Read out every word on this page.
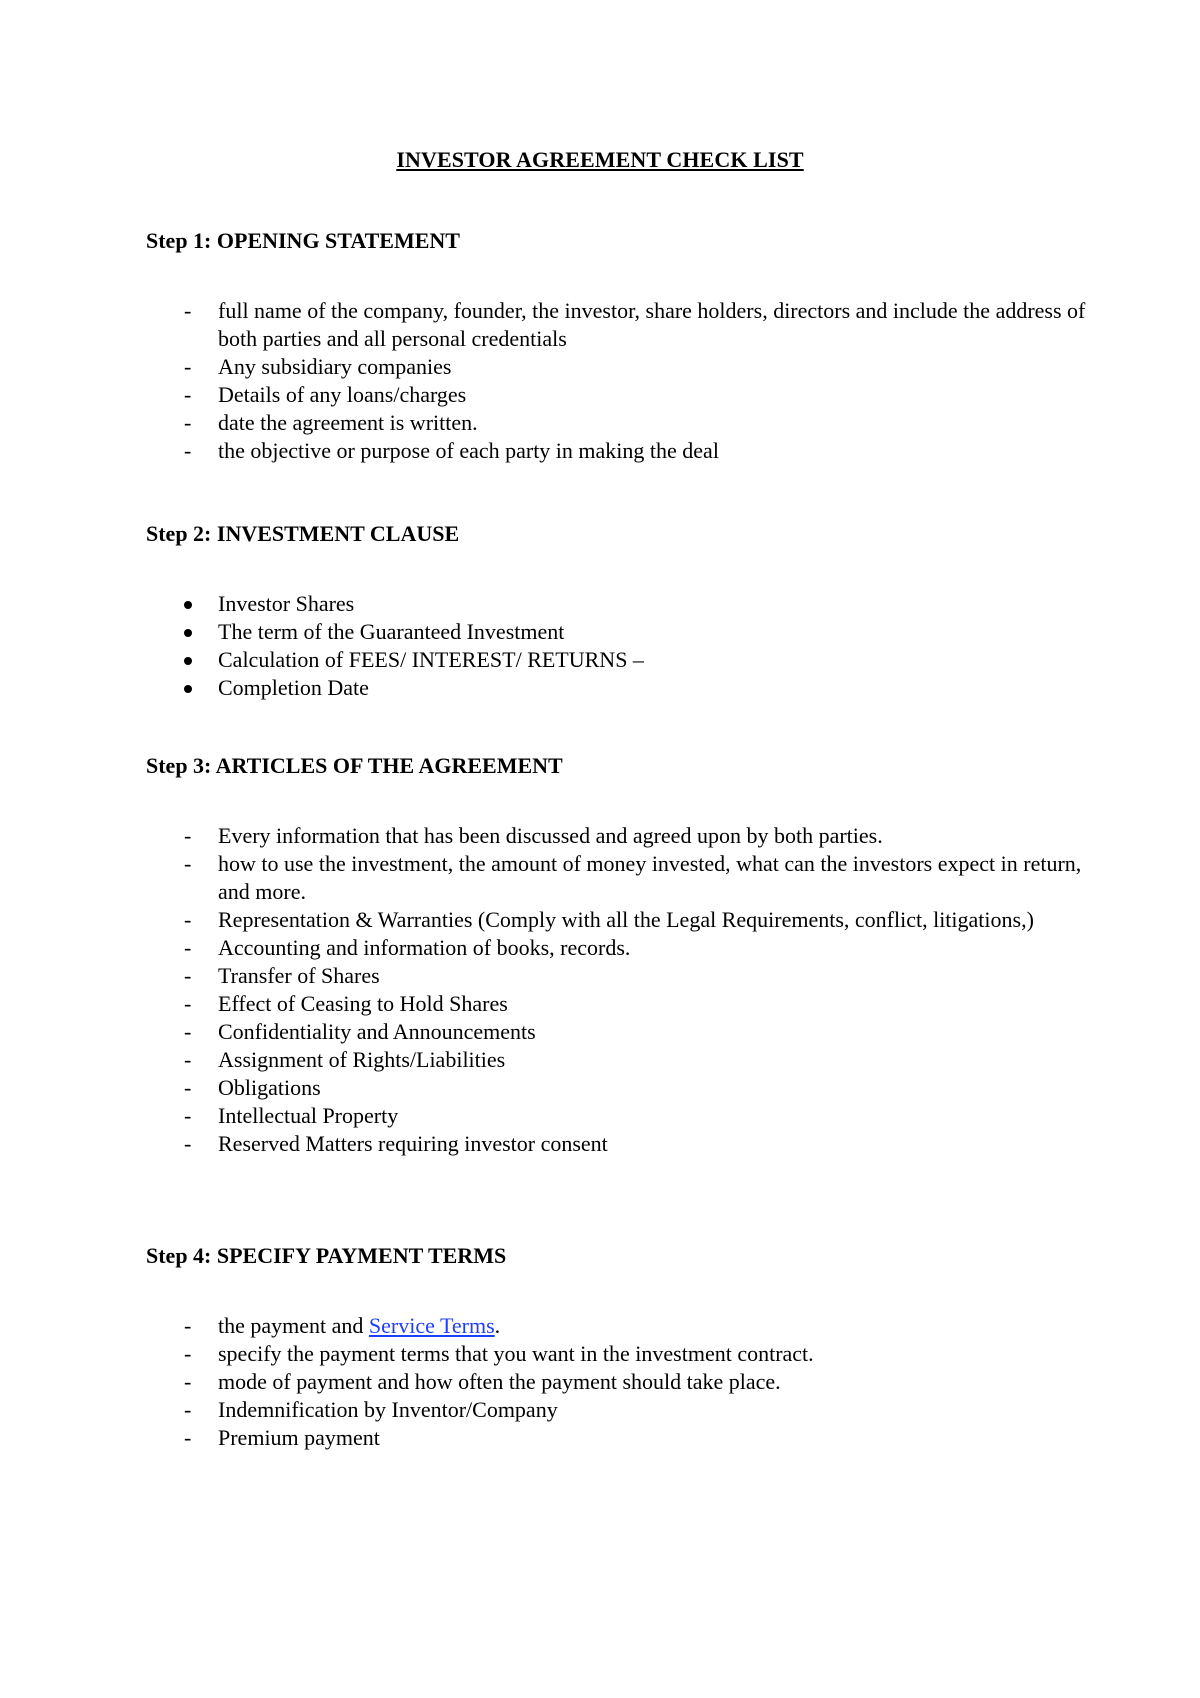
INVESTOR AGREEMENT CHECK LIST
Step 1: OPENING STATEMENT
-	full name of the company, founder, the investor, share holders, directors and include the address of both parties and all personal credentials
-	Any subsidiary companies
-	Details of any loans/charges
-	date the agreement is written.
-	the objective or purpose of each party in making the deal
Step 2: INVESTMENT CLAUSE
Investor Shares
The term of the Guaranteed Investment
Calculation of FEES/ INTEREST/ RETURNS –
Completion Date
Step 3: ARTICLES OF THE AGREEMENT
-	Every information that has been discussed and agreed upon by both parties.
-	how to use the investment, the amount of money invested, what can the investors expect in return, and more.
-	Representation & Warranties (Comply with all the Legal Requirements, conflict, litigations,)
-	Accounting and information of books, records.
-	Transfer of Shares
-	Effect of Ceasing to Hold Shares
-	Confidentiality and Announcements
-	Assignment of Rights/Liabilities
-	Obligations
-	Intellectual Property
-	Reserved Matters requiring investor consent
Step 4: SPECIFY PAYMENT TERMS
-	the payment and Service Terms.
-	specify the payment terms that you want in the investment contract.
-	mode of payment and how often the payment should take place.
-	Indemnification by Inventor/Company
-	Premium payment
